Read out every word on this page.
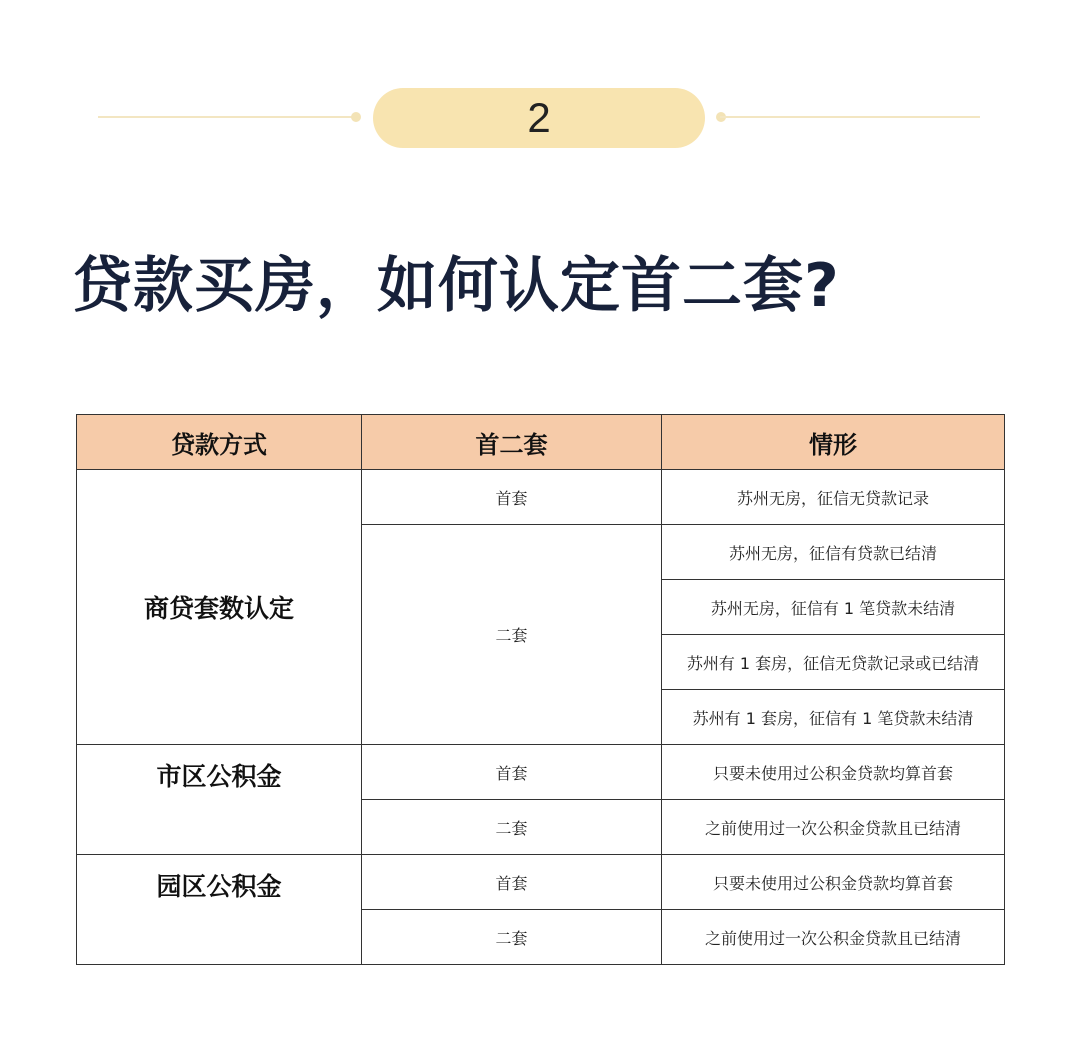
2
贷款买房，如何认定首二套?
贷款方式	首二套	情形
商贷套数认定	首套	苏州无房，征信无贷款记录
	二套	苏州无房，征信有贷款已结清
		苏州无房，征信有 1 笔贷款未结清
		苏州有 1 套房，征信无贷款记录或已结清
		苏州有 1 套房，征信有 1 笔贷款未结清
市区公积金	首套	只要未使用过公积金贷款均算首套
	二套	之前使用过一次公积金贷款且已结清
园区公积金	首套	只要未使用过公积金贷款均算首套
	二套	之前使用过一次公积金贷款且已结清
